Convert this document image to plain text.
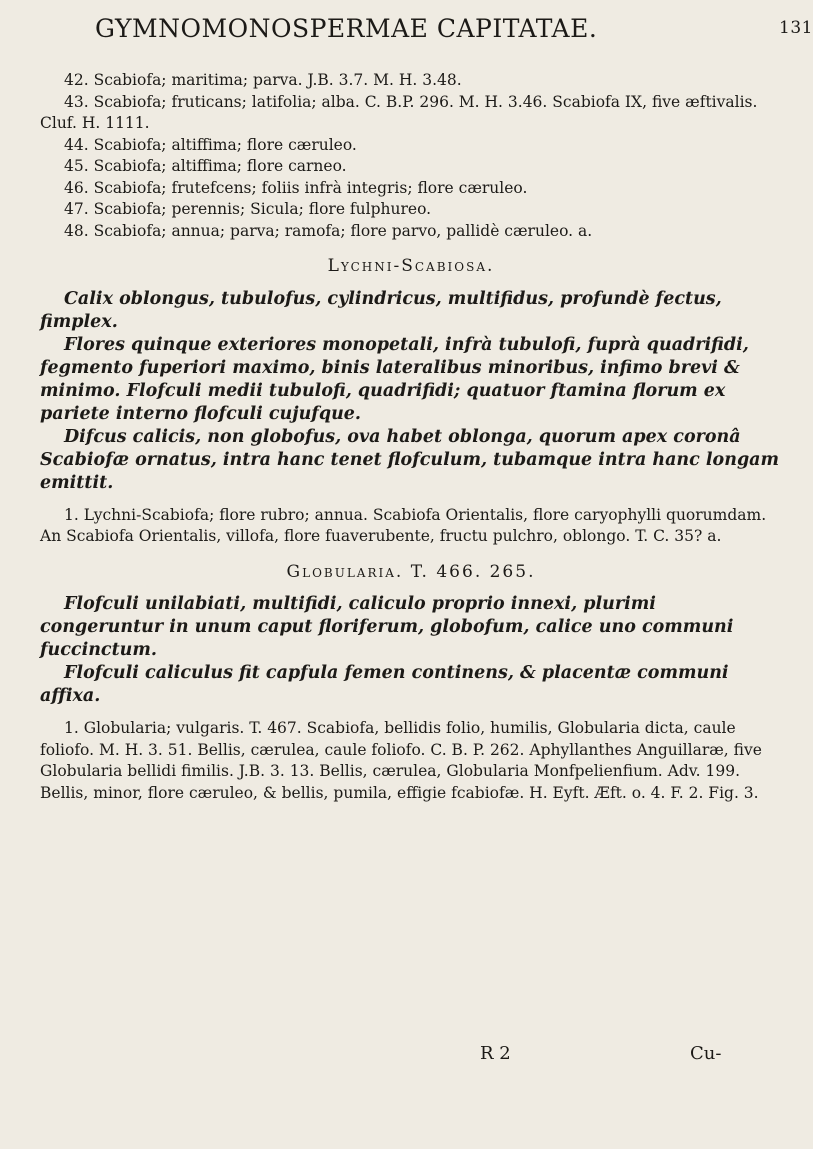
GYMNOMONOSPERMAE CAPITATAE.	131

42. Scabiofa; maritima; parva. J.B. 3.7. M. H. 3.48.

43. Scabiofa; fruticans; latifolia; alba. C. B.P. 296. M. H. 3.46. Scabiofa IX, five æftivalis. Cluf. H. 1111.

44. Scabiofa; altiffima; flore cæruleo.

45. Scabiofa; altiffima; flore carneo.

46. Scabiofa; frutefcens; foliis infrà integris; flore cæruleo.

47. Scabiofa; perennis; Sicula; flore fulphureo.

48. Scabiofa; annua; parva; ramofa; flore parvo, pallidè cæruleo. a.

Lychni-Scabiosa.

Calix oblongus, tubulofus, cylindricus, multifidus, profundè fectus, fimplex.

Flores quinque exteriores monopetali, infrà tubulofi, fuprà quadrifidi, fegmento fuperiori maximo, binis lateralibus minoribus, infimo brevi & minimo. Flofculi medii tubulofi, quadrifidi; quatuor ftamina florum ex pariete interno flofculi cujufque.

Difcus calicis, non globofus, ova habet oblonga, quorum apex coronâ Scabiofæ ornatus, intra hanc tenet flofculum, tubamque intra hanc longam emittit.

1. Lychni-Scabiofa; flore rubro; annua. Scabiofa Orientalis, flore caryophylli quorumdam. An Scabiofa Orientalis, villofa, flore fuaverubente, fructu pulchro, oblongo. T. C. 35? a.

Globularia. T. 466. 265.

Flofculi unilabiati, multifidi, caliculo proprio innexi, plurimi congeruntur in unum caput floriferum, globofum, calice uno communi fuccinctum.

Flofculi caliculus fit capfula femen continens, & placentæ communi affixa.

1. Globularia; vulgaris. T. 467. Scabiofa, bellidis folio, humilis, Globularia dicta, caule foliofo. M. H. 3. 51. Bellis, cærulea, caule foliofo. C. B. P. 262. Aphyllanthes Anguillaræ, five Globularia bellidi fimilis. J.B. 3. 13. Bellis, cærulea, Globularia Monfpelienfium. Adv. 199. Bellis, minor, flore cæruleo, & bellis, pumila, effigie fcabiofæ. H. Eyft. Æft. o. 4. F. 2. Fig. 3.

R 2	Cu-
